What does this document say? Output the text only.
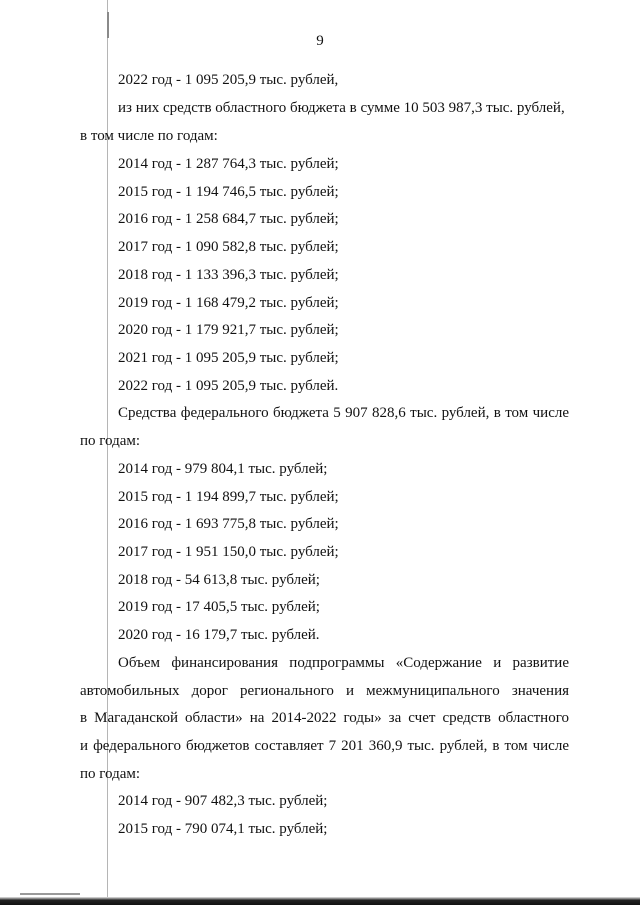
9
2022 год - 1 095 205,9 тыс. рублей,
из них средств областного бюджета в сумме 10 503 987,3 тыс. рублей,
в том числе по годам:
2014 год - 1 287 764,3 тыс. рублей;
2015 год - 1 194 746,5 тыс. рублей;
2016 год - 1 258 684,7 тыс. рублей;
2017 год - 1 090 582,8 тыс. рублей;
2018 год - 1 133 396,3 тыс. рублей;
2019 год - 1 168 479,2 тыс. рублей;
2020 год - 1 179 921,7 тыс. рублей;
2021 год - 1 095 205,9 тыс. рублей;
2022 год - 1 095 205,9 тыс. рублей.
Средства федерального бюджета 5 907 828,6 тыс. рублей, в том числе
по годам:
2014 год - 979 804,1 тыс. рублей;
2015 год - 1 194 899,7 тыс. рублей;
2016 год - 1 693 775,8 тыс. рублей;
2017 год - 1 951 150,0 тыс. рублей;
2018 год - 54 613,8 тыс. рублей;
2019 год - 17 405,5 тыс. рублей;
2020 год - 16 179,7 тыс. рублей.
Объем финансирования подпрограммы «Содержание и развитие
автомобильных дорог регионального и межмуниципального значения
в Магаданской области» на 2014-2022 годы» за счет средств областного
и федерального бюджетов составляет 7 201 360,9 тыс. рублей, в том числе
по годам:
2014 год - 907 482,3 тыс. рублей;
2015 год - 790 074,1 тыс. рублей;
